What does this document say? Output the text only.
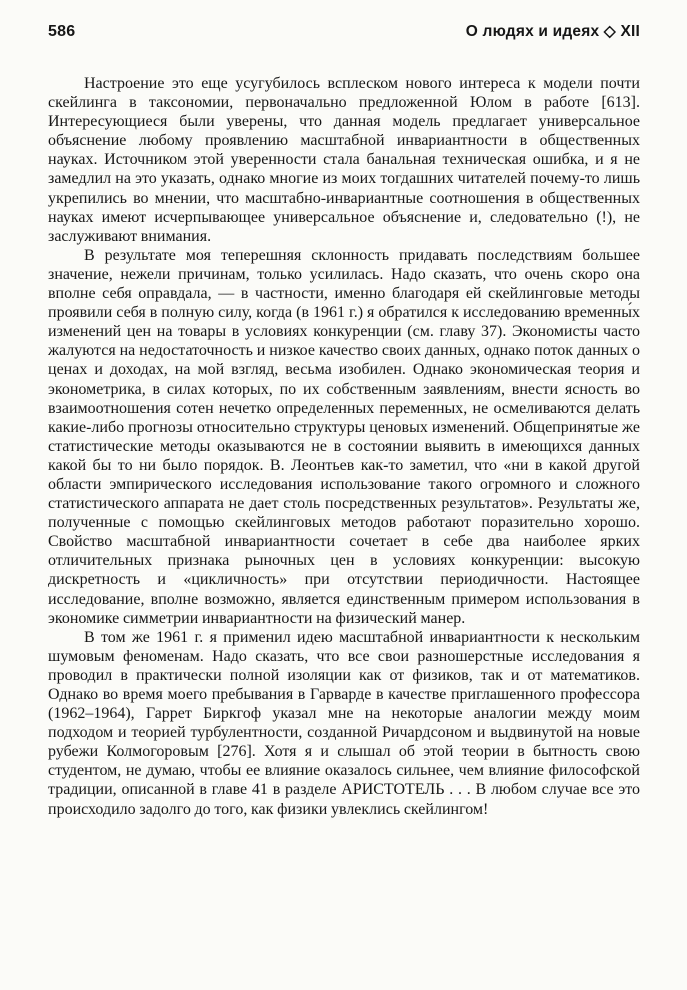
586	О людях и идеях ◇ XII

Настроение это еще усугубилось всплеском нового интереса к модели почти скейлинга в таксономии, первоначально предложенной Юлом в работе [613]. Интересующиеся были уверены, что данная модель предлагает универсальное объяснение любому проявлению масштабной инвариантности в общественных науках. Источником этой уверенности стала банальная техническая ошибка, и я не замедлил на это указать, однако многие из моих тогдашних читателей почему-то лишь укрепились во мнении, что масштабно-инвариантные соотношения в общественных науках имеют исчерпывающее универсальное объяснение и, следовательно (!), не заслуживают внимания.

В результате моя теперешняя склонность придавать последствиям большее значение, нежели причинам, только усилилась. Надо сказать, что очень скоро она вполне себя оправдала, — в частности, именно благодаря ей скейлинговые методы проявили себя в полную силу, когда (в 1961 г.) я обратился к исследованию временны́х изменений цен на товары в условиях конкуренции (см. главу 37). Экономисты часто жалуются на недостаточность и низкое качество своих данных, однако поток данных о ценах и доходах, на мой взгляд, весьма изобилен. Однако экономическая теория и эконометрика, в силах которых, по их собственным заявлениям, внести ясность во взаимоотношения сотен нечетко определенных переменных, не осмеливаются делать какие-либо прогнозы относительно структуры ценовых изменений. Общепринятые же статистические методы оказываются не в состоянии выявить в имеющихся данных какой бы то ни было порядок. В. Леонтьев как-то заметил, что «ни в какой другой области эмпирического исследования использование такого огромного и сложного статистического аппарата не дает столь посредственных результатов». Результаты же, полученные с помощью скейлинговых методов работают поразительно хорошо. Свойство масштабной инвариантности сочетает в себе два наиболее ярких отличительных признака рыночных цен в условиях конкуренции: высокую дискретность и «цикличность» при отсутствии периодичности. Настоящее исследование, вполне возможно, является единственным примером использования в экономике симметрии инвариантности на физический манер.

В том же 1961 г. я применил идею масштабной инвариантности к нескольким шумовым феноменам. Надо сказать, что все свои разношерстные исследования я проводил в практически полной изоляции как от физиков, так и от математиков. Однако во время моего пребывания в Гарварде в качестве приглашенного профессора (1962–1964), Гаррет Биркгоф указал мне на некоторые аналогии между моим подходом и теорией турбулентности, созданной Ричардсоном и выдвинутой на новые рубежи Колмогоровым [276]. Хотя я и слышал об этой теории в бытность свою студентом, не думаю, чтобы ее влияние оказалось сильнее, чем влияние философской традиции, описанной в главе 41 в разделе АРИСТОТЕЛЬ . . . В любом случае все это происходило задолго до того, как физики увлеклись скейлингом!
